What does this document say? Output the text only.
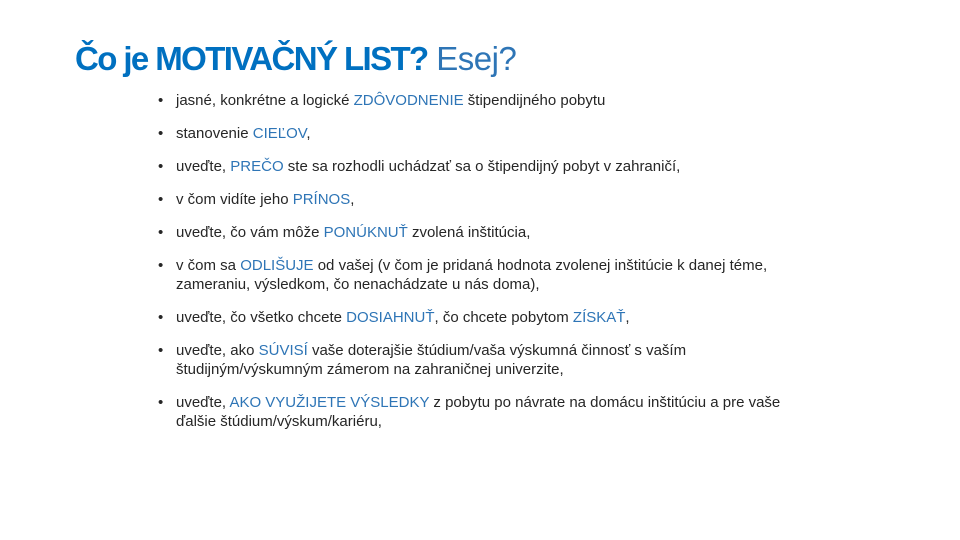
Čo je MOTIVAČNÝ LIST? Esej?
• jasné, konkrétne a logické ZDÔVODNENIE štipendijného pobytu
• stanovenie CIEĽOV,
• uveďte, PREČO ste sa rozhodli uchádzať sa o štipendijný pobyt v zahraničí,
• v čom vidíte jeho PRÍNOS,
• uveďte, čo vám môže PONÚKNUŤ zvolená inštitúcia,
• v čom sa ODLIŠUJE od vašej (v čom je pridaná hodnota zvolenej inštitúcie k danej téme, zameraniu, výsledkom, čo nenachádzate u nás doma),
• uveďte, čo všetko chcete DOSIAHNUŤ, čo chcete pobytom ZÍSKAŤ,
• uveďte, ako SÚVISÍ vaše doterajšie štúdium/vaša výskumná činnosť s vaším študijným/výskumným zámerom na zahraničnej univerzite,
• uveďte, AKO VYUŽIJETE VÝSLEDKY z pobytu po návrate na domácu inštitúciu a pre vaše ďalšie štúdium/výskum/kariéru,
